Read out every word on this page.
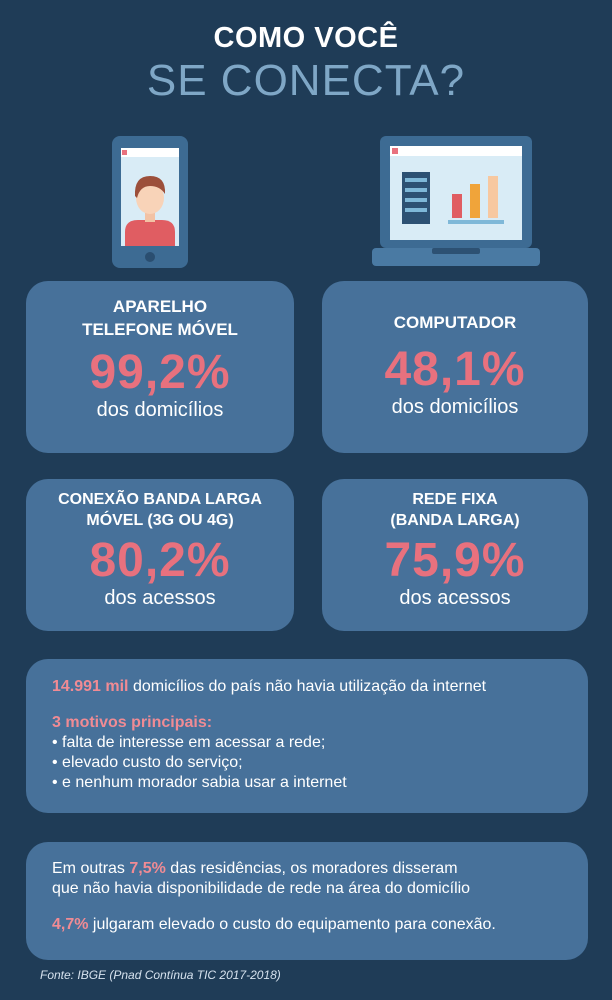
COMO VOCÊ
SE CONECTA?
APARELHO
TELEFONE MÓVEL
99,2%
dos domicílios
COMPUTADOR
48,1%
dos domicílios
CONEXÃO BANDA LARGA
MÓVEL (3G OU 4G)
80,2%
dos acessos
REDE FIXA
(BANDA LARGA)
75,9%
dos acessos
14.991 mil domicílios do país não havia utilização da internet
3 motivos principais:
• falta de interesse em acessar a rede;
• elevado custo do serviço;
• e nenhum morador sabia usar a internet
Em outras 7,5% das residências, os moradores disseram
que não havia disponibilidade de rede na área do domicílio
4,7% julgaram elevado o custo do equipamento para conexão.
Fonte: IBGE (Pnad Contínua TIC 2017-2018)
